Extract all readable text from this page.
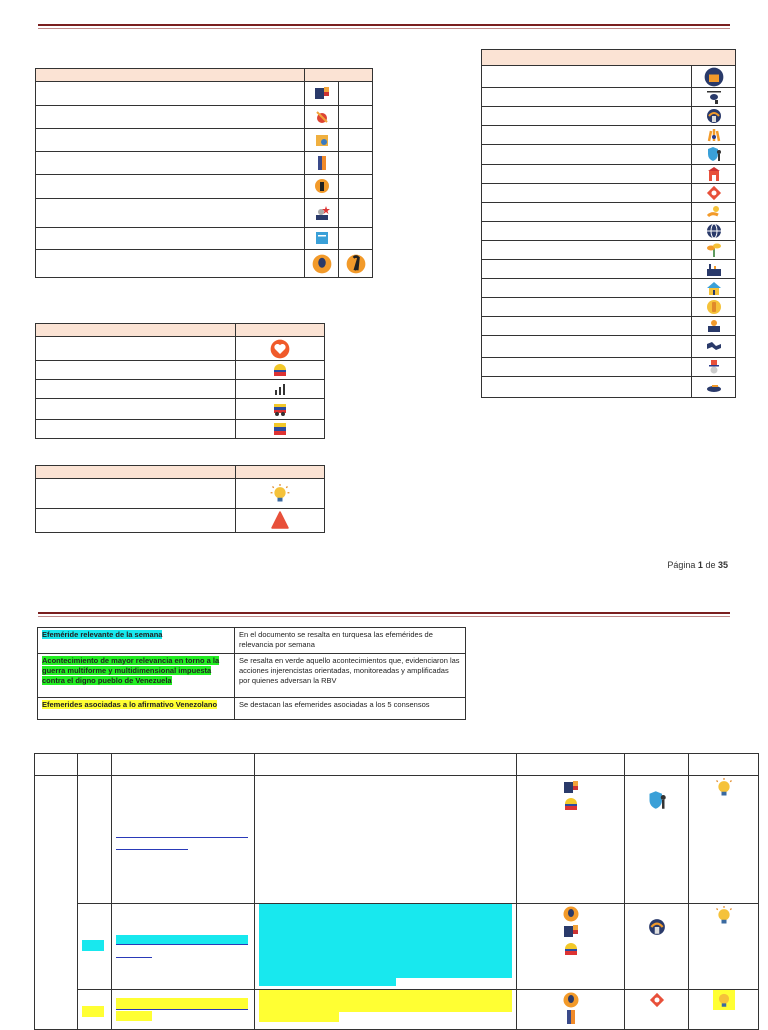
Página 1 de 35
Efeméride relevante de la semana	En el documento se resalta en turquesa las efemérides de relevancia por semana
Acontecimiento de mayor relevancia en torno a la guerra multiforme y multidimensional impuesta contra el digno pueblo de Venezuela	Se resalta en verde aquello acontecimientos que, evidenciaron las acciones injerencistas orientadas, monitoreadas y amplificadas por quienes adversan la RBV
Efemerides asociadas a lo afirmativo Venezolano	Se destacan las efemerides asociadas a los 5 consensos
